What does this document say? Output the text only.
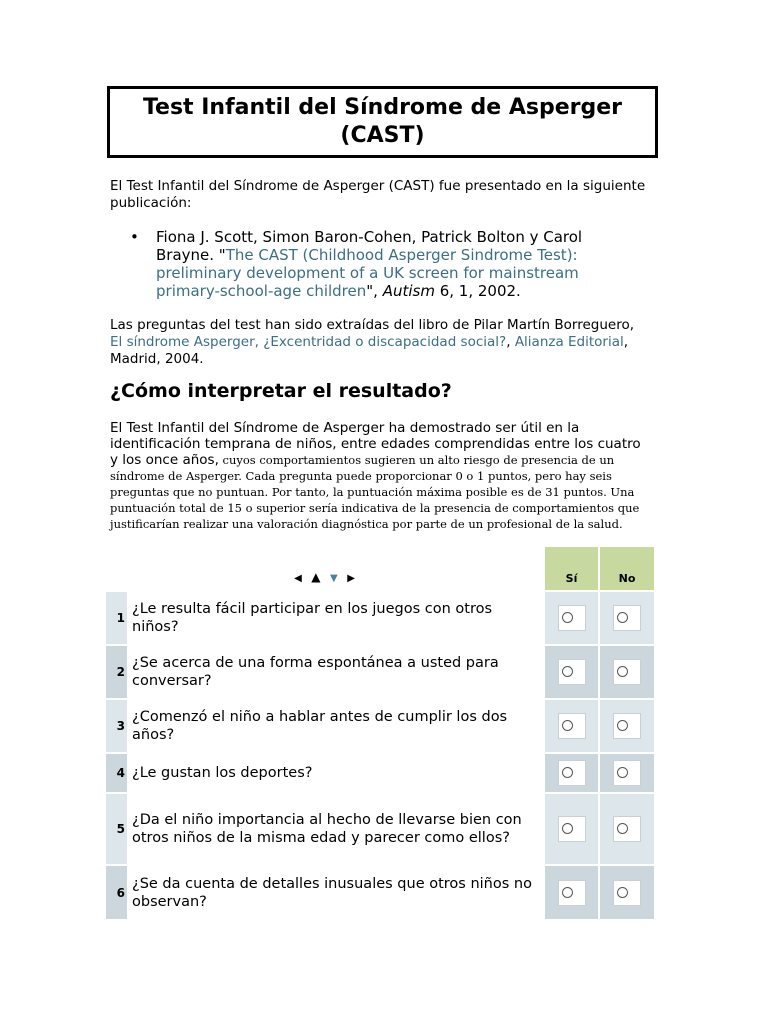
Test Infantil del Síndrome de Asperger (CAST)

El Test Infantil del Síndrome de Asperger (CAST) fue presentado en la siguiente publicación:

•	Fiona J. Scott, Simon Baron-Cohen, Patrick Bolton y Carol Brayne. "The CAST (Childhood Asperger Sindrome Test): preliminary development of a UK screen for mainstream primary-school-age children", Autism 6, 1, 2002.

Las preguntas del test han sido extraídas del libro de Pilar Martín Borreguero, El síndrome Asperger, ¿Excentridad o discapacidad social?, Alianza Editorial, Madrid, 2004.

¿Cómo interpretar el resultado?

El Test Infantil del Síndrome de Asperger ha demostrado ser útil en la identificación temprana de niños, entre edades comprendidas entre los cuatro y los once años, cuyos comportamientos sugieren un alto riesgo de presencia de un síndrome de Asperger. Cada pregunta puede proporcionar 0 o 1 puntos, pero hay seis preguntas que no puntuan. Por tanto, la puntuación máxima posible es de 31 puntos. Una puntuación total de 15 o superior sería indicativa de la presencia de comportamientos que justificarían realizar una valoración diagnóstica por parte de un profesional de la salud.

◀ ▲ ▼ ▶		Sí	No
1	¿Le resulta fácil participar en los juegos con otros niños?	

2	¿Se acerca de una forma espontánea a usted para conversar?	

3	¿Comenzó el niño a hablar antes de cumplir los dos años?	

4	¿Le gustan los deportes?	

5	¿Da el niño importancia al hecho de llevarse bien con otros niños de la misma edad y parecer como ellos?	

6	¿Se da cuenta de detalles inusuales que otros niños no observan?	
